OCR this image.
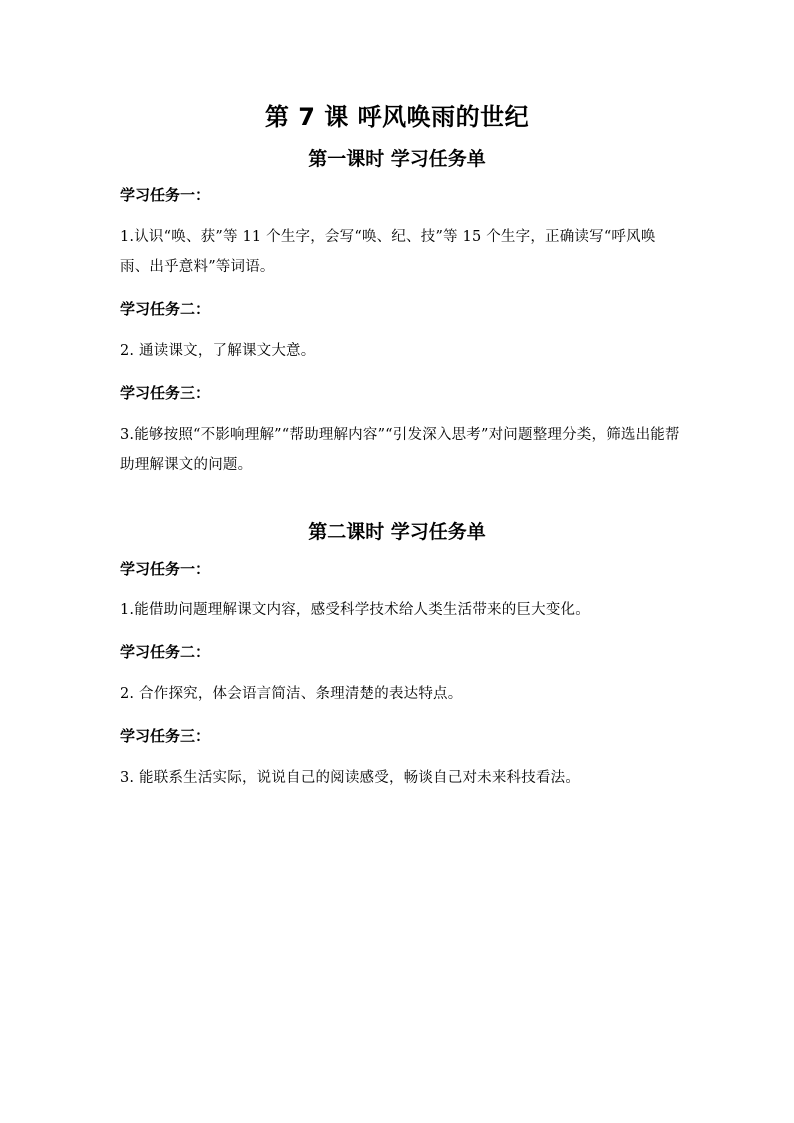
第 7 课 呼风唤雨的世纪
第一课时 学习任务单

学习任务一：

1.认识“唤、获”等 11 个生字，会写“唤、纪、技”等 15 个生字，正确读写“呼风唤雨、出乎意料”等词语。

学习任务二：

2. 通读课文，了解课文大意。

学习任务三：

3.能够按照“不影响理解”“帮助理解内容”“引发深入思考”对问题整理分类，筛选出能帮助理解课文的问题。

第二课时 学习任务单

学习任务一：

1.能借助问题理解课文内容，感受科学技术给人类生活带来的巨大变化。

学习任务二：

2. 合作探究，体会语言简洁、条理清楚的表达特点。

学习任务三：

3. 能联系生活实际，说说自己的阅读感受，畅谈自己对未来科技看法。
